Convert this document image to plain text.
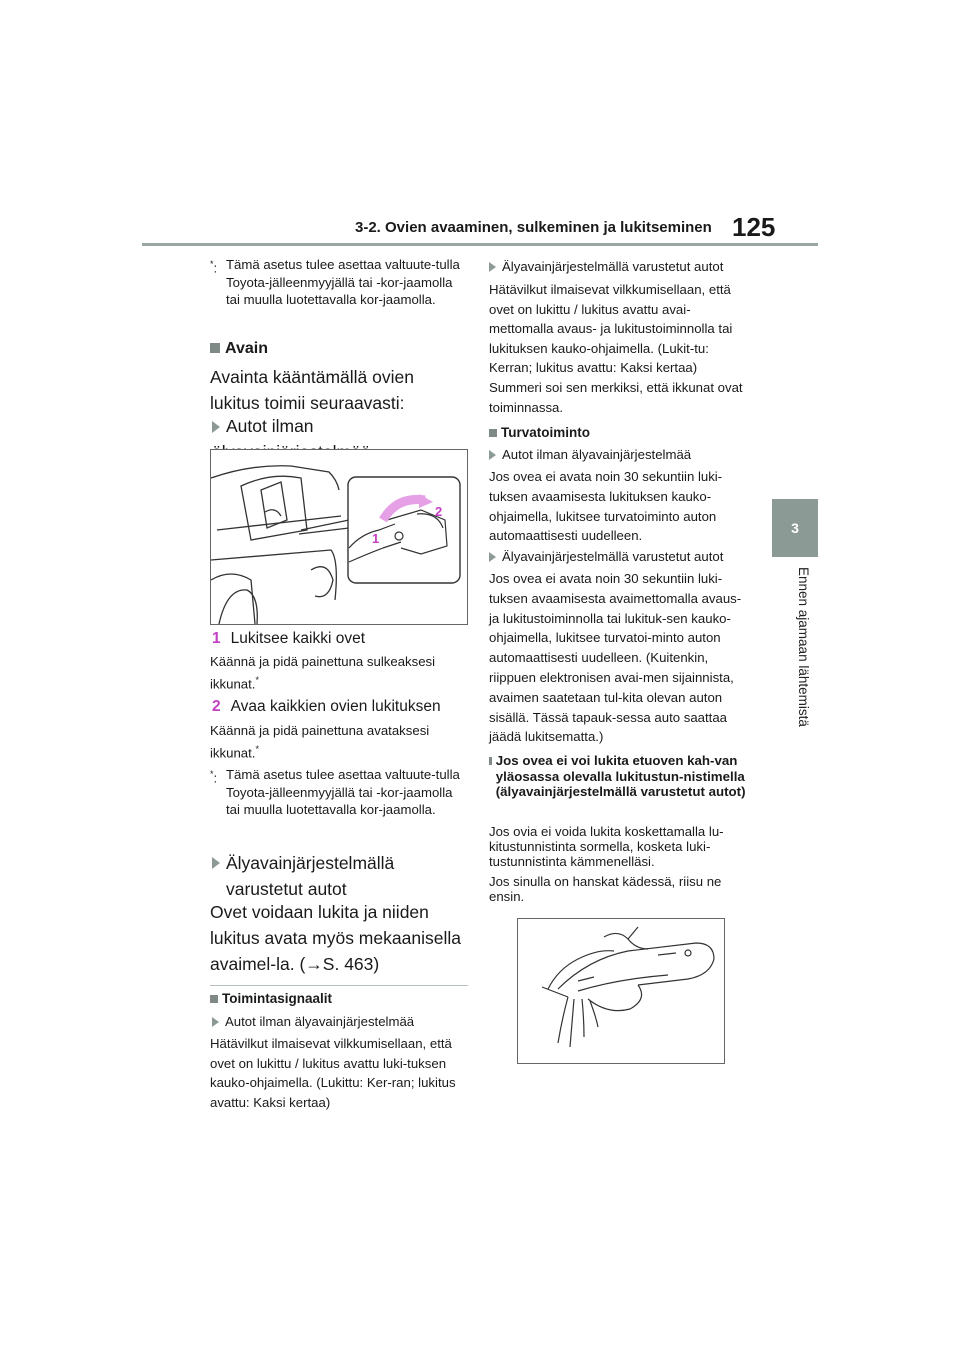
3-2. Ovien avaaminen, sulkeminen ja lukitseminen 125
3
Ennen ajamaan lähtemistä
*: Tämä asetus tulee asettaa valtuute-tulla Toyota-jälleenmyyjällä tai -kor-jaamolla tai muulla luotettavalla kor-jaamolla.
Avain
Avainta kääntämällä ovien lukitus toimii seuraavasti:
Autot ilman
1
2
1 Lukitsee kaikki ovet
Käännä ja pidä painettuna sulkeaksesi ikkunat.*
2 Avaa kaikkien ovien lukituksen
Käännä ja pidä painettuna avataksesi ikkunat.*
*: Tämä asetus tulee asettaa valtuute-tulla Toyota-jälleenmyyjällä tai -kor-jaamolla tai muulla luotettavalla kor-jaamolla.
Älyavainjärjestelmällä varustetut autot
Ovet voidaan lukita ja niiden lukitus avata myös mekaanisella avaimel-la. (→S. 463)
Toimintasignaalit
Autot ilman älyavainjärjestelmää
Hätävilkut ilmaisevat vilkkumisellaan, että ovet on lukittu / lukitus avattu luki-tuksen kauko-ohjaimella. (Lukittu: Ker-ran; lukitus avattu: Kaksi kertaa)
Älyavainjärjestelmällä varustetut autot
Hätävilkut ilmaisevat vilkkumisellaan, että ovet on lukittu / lukitus avattu avai-mettomalla avaus- ja lukitustoiminnolla tai lukituksen kauko-ohjaimella. (Lukit-tu: Kerran; lukitus avattu: Kaksi kertaa)
Summeri soi sen merkiksi, että ikkunat ovat toiminnassa.
Turvatoiminto
Autot ilman älyavainjärjestelmää
Jos ovea ei avata noin 30 sekuntiin luki-tuksen avaamisesta lukituksen kauko-ohjaimella, lukitsee turvatoiminto auton automaattisesti uudelleen.
Älyavainjärjestelmällä varustetut autot
Jos ovea ei avata noin 30 sekuntiin luki-tuksen avaamisesta avaimettomalla avaus- ja lukitustoiminnolla tai lukituk-sen kauko-ohjaimella, lukitsee turvatoi-minto auton automaattisesti uudelleen. (Kuitenkin, riippuen elektronisen avai-men sijainnista, avaimen saatetaan tul-kita olevan auton sisällä. Tässä tapauk-sessa auto saattaa jäädä lukitsematta.)
Jos ovea ei voi lukita etuoven kah-van yläosassa olevalla lukitustun-nistimella (älyavainjärjestelmällä varustetut autot)
Jos ovia ei voida lukita koskettamalla lu-kitustunnistinta sormella, kosketa luki-tustunnistinta kämmenelläsi.
Jos sinulla on hanskat kädessä, riisu ne ensin.
